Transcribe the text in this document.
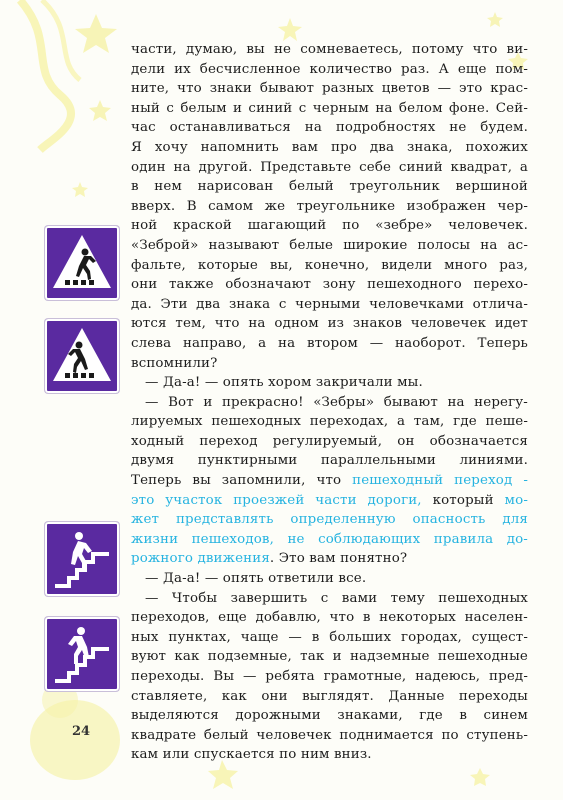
части, думаю, вы не сомневаетесь, потому что ви-
дели их бесчисленное количество раз. А еще пом-
ните, что знаки бывают разных цветов — это крас-
ный с белым и синий с черным на белом фоне. Сей-
час останавливаться на подробностях не будем.
Я хочу напомнить вам про два знака, похожих
один на другой. Представьте себе синий квадрат, а
в нем нарисован белый треугольник вершиной
вверх. В самом же треугольнике изображен чер-
ной краской шагающий по «зебре» человечек.
«Зеброй» называют белые широкие полосы на ас-
фальте, которые вы, конечно, видели много раз,
они также обозначают зону пешеходного перехо-
да. Эти два знака с черными человечками отлича-
ются тем, что на одном из знаков человечек идет
слева направо, а на втором — наоборот. Теперь
вспомнили?
— Да-а! — опять хором закричали мы.
— Вот и прекрасно! «Зебры» бывают на нерегу-
лируемых пешеходных переходах, а там, где пеше-
ходный переход регулируемый, он обозначается
двумя пунктирными параллельными линиями.
Теперь вы запомнили, что пешеходный переход -
это участок проезжей части дороги, который мо-
жет представлять определенную опасность для
жизни пешеходов, не соблюдающих правила до-
рожного движения. Это вам понятно?
— Да-а! — опять ответили все.
— Чтобы завершить с вами тему пешеходных
переходов, еще добавлю, что в некоторых населен-
ных пунктах, чаще — в больших городах, сущест-
вуют как подземные, так и надземные пешеходные
переходы. Вы — ребята грамотные, надеюсь, пред-
ставляете, как они выглядят. Данные переходы
выделяются дорожными знаками, где в синем
квадрате белый человечек поднимается по ступень-
кам или спускается по ним вниз.
24
